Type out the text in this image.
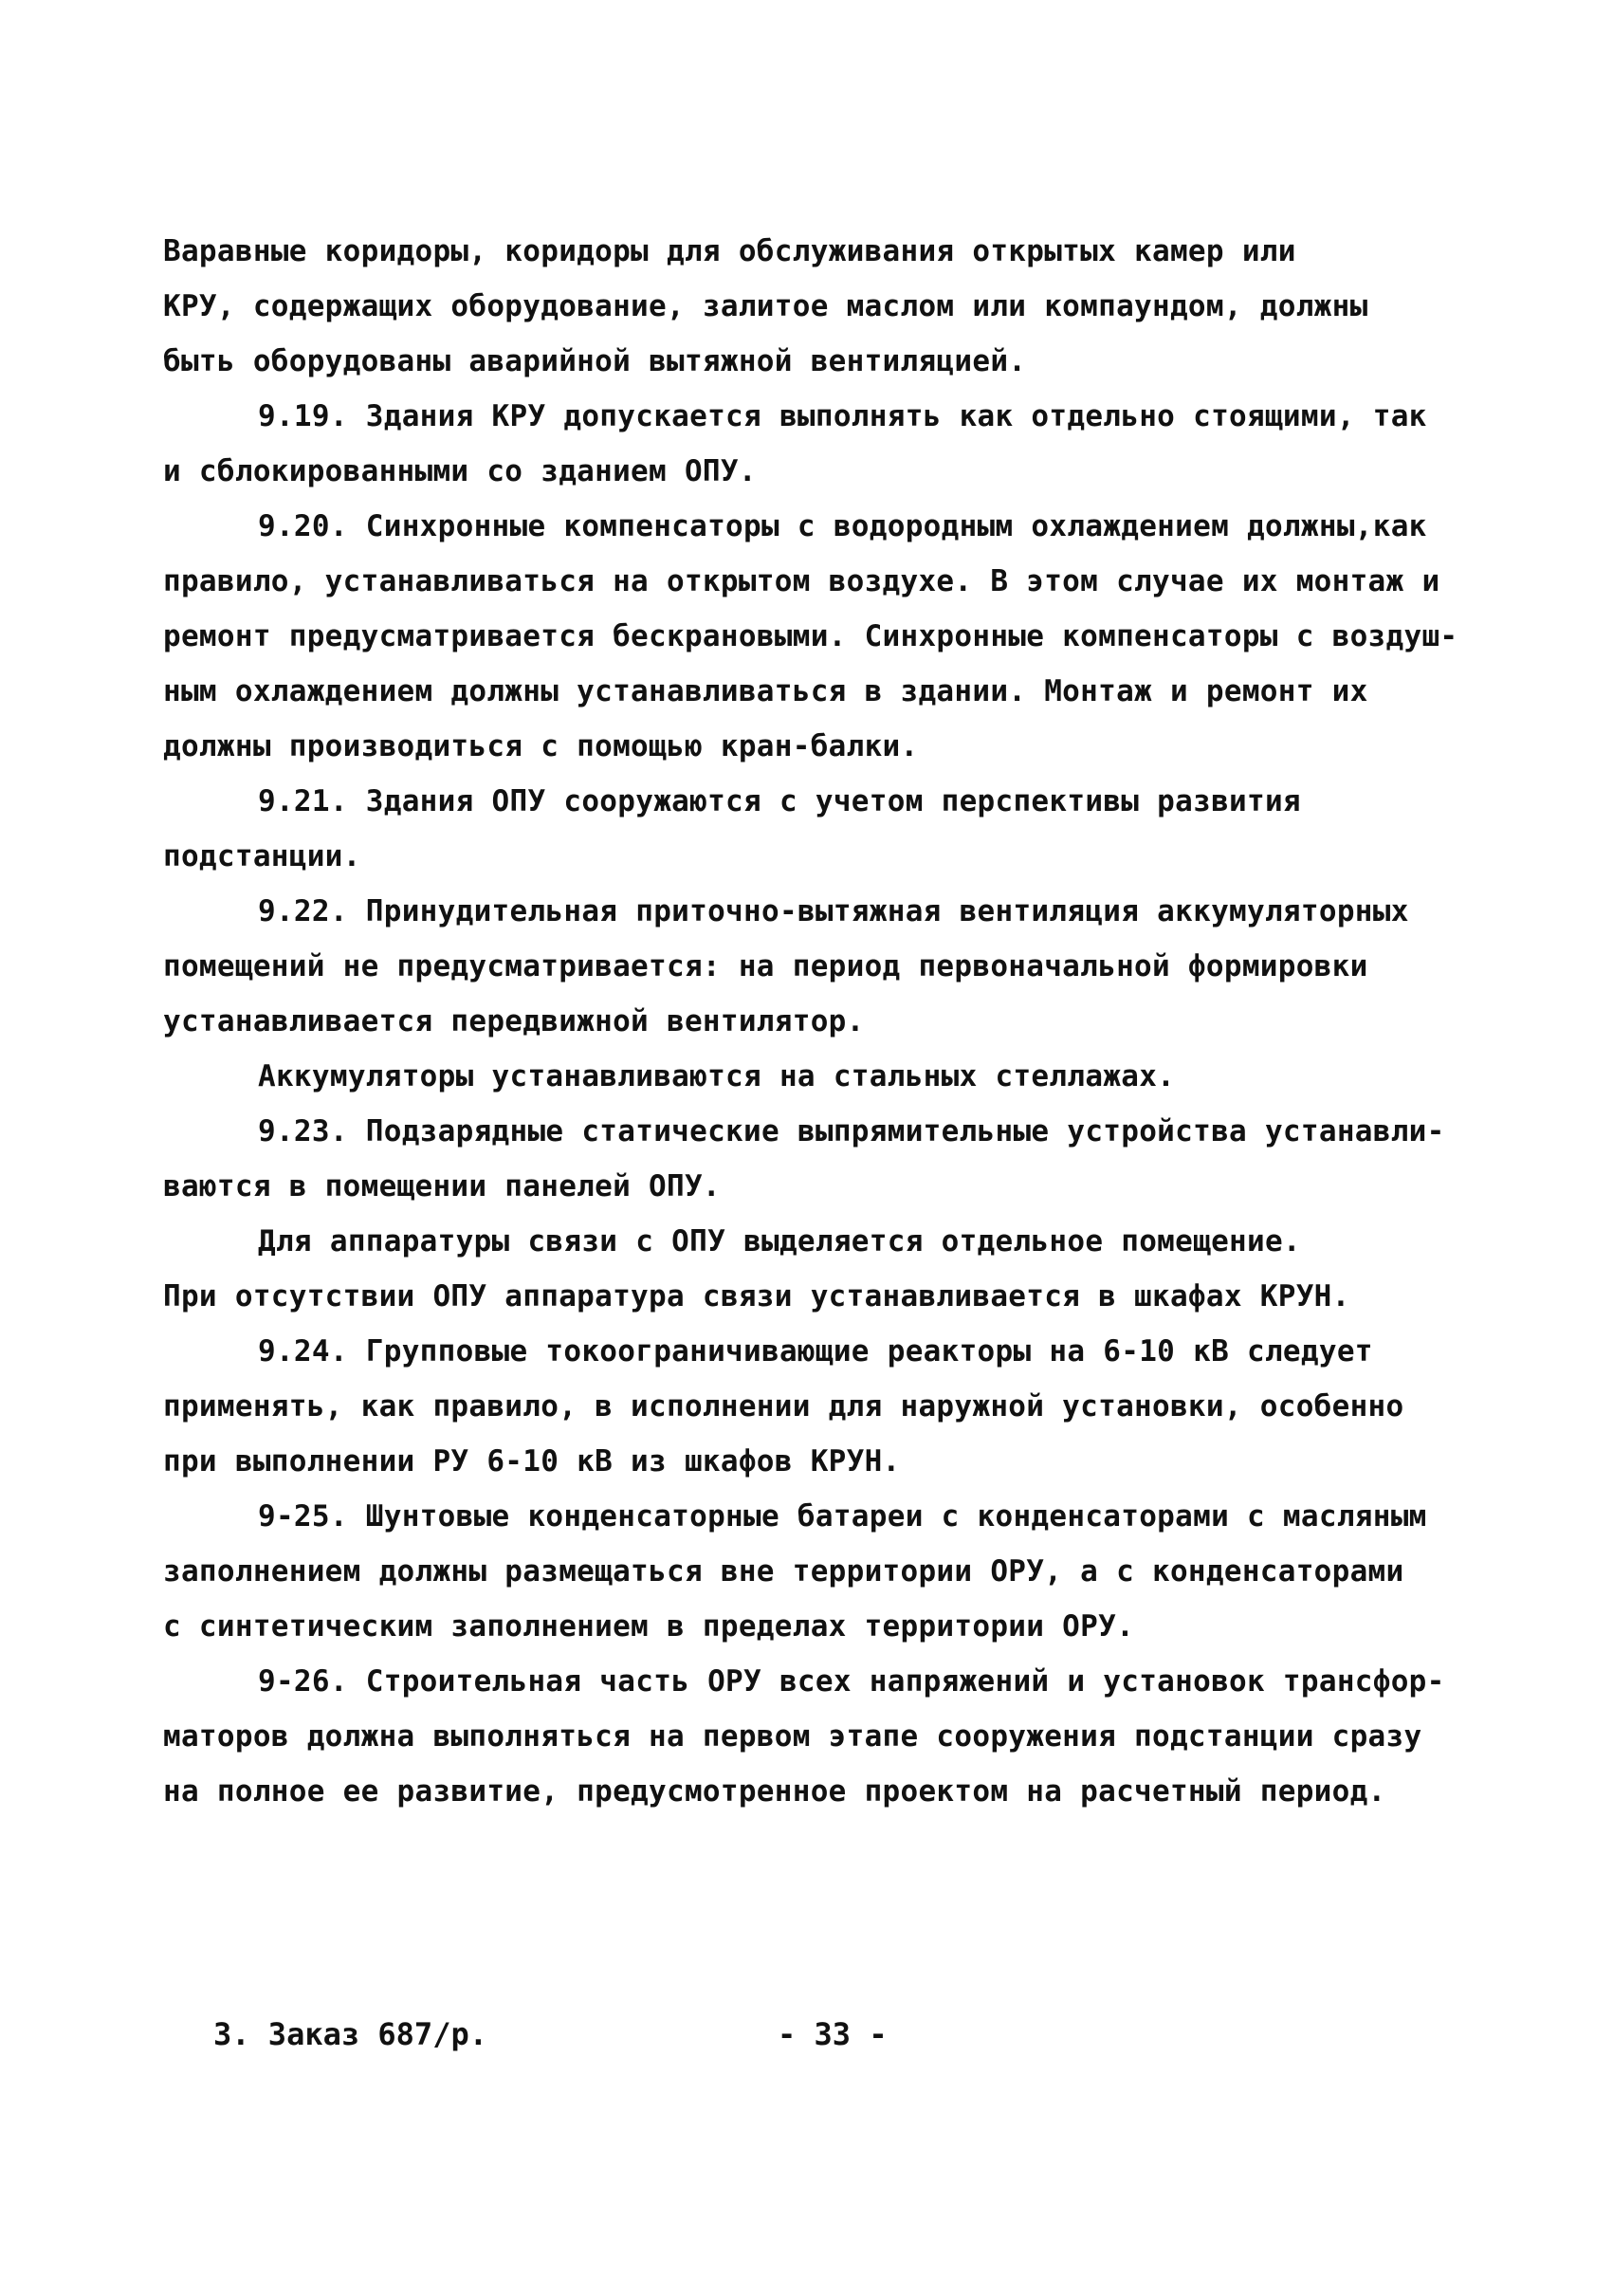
Варавные коридоры, коридоры для обслуживания открытых камер или
КРУ, содержащих оборудование, залитое маслом или компаундом, должны
быть оборудованы аварийной вытяжной вентиляцией.
9.19. Здания КРУ допускается выполнять как отдельно стоящими, так
и сблокированными со зданием ОПУ.
9.20. Синхронные компенсаторы с водородным охлаждением должны,как
правило, устанавливаться на открытом воздухе. В этом случае их монтаж и
ремонт предусматривается бескрановыми. Синхронные компенсаторы с воздуш-
ным охлаждением должны устанавливаться в здании. Монтаж и ремонт их
должны производиться с помощью кран-балки.
9.21. Здания ОПУ сооружаются с учетом перспективы развития
подстанции.
9.22. Принудительная приточно-вытяжная вентиляция аккумуляторных
помещений не предусматривается: на период первоначальной формировки
устанавливается передвижной вентилятор.
Аккумуляторы устанавливаются на стальных стеллажах.
9.23. Подзарядные статические выпрямительные устройства устанавли-
ваются в помещении панелей ОПУ.
Для аппаратуры связи с ОПУ выделяется отдельное помещение.
При отсутствии ОПУ аппаратура связи устанавливается в шкафах КРУН.
9.24. Групповые токоограничивающие реакторы на 6-10 кВ следует
применять, как правило, в исполнении для наружной установки, особенно
при выполнении РУ 6-10 кВ из шкафов КРУН.
9-25. Шунтовые конденсаторные батареи с конденсаторами с масляным
заполнением должны размещаться вне территории ОРУ, а с конденсаторами
с синтетическим заполнением в пределах территории ОРУ.
9-26. Строительная часть ОРУ всех напряжений и установок трансфор-
маторов должна выполняться на первом этапе сооружения подстанции сразу
на полное ее развитие, предусмотренное проектом на расчетный период.
3. Заказ 687/р.	- 33 -
